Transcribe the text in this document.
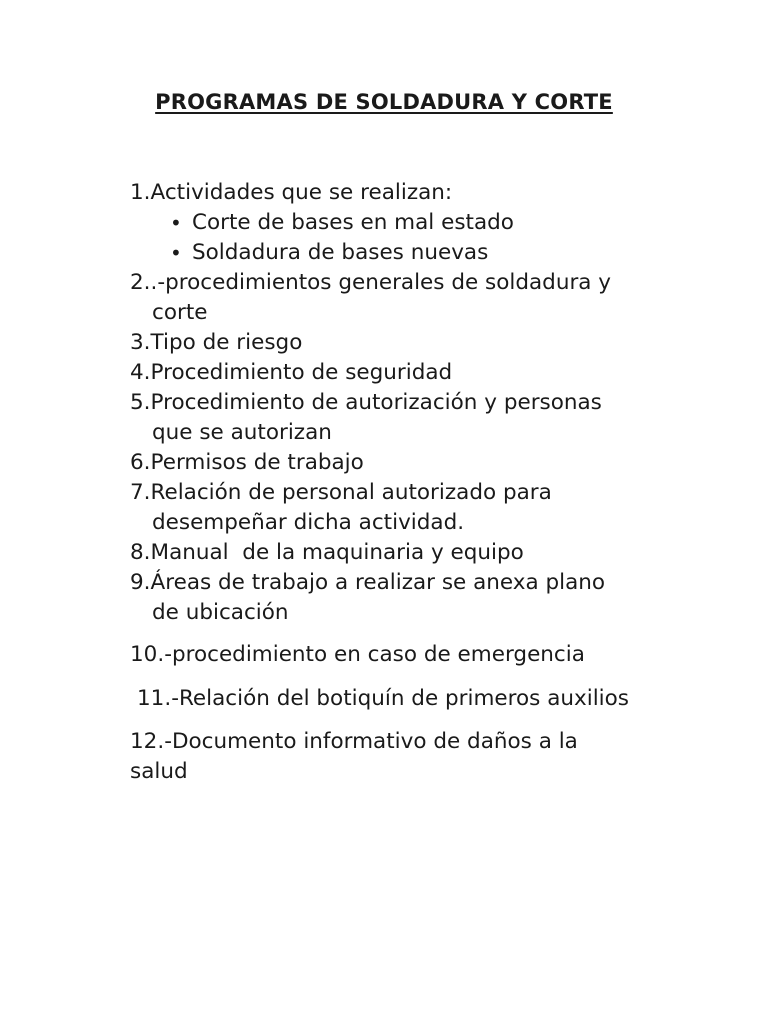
PROGRAMAS DE SOLDADURA Y CORTE

1.Actividades que se realizan:

• Corte de bases en mal estado
• Soldadura de bases nuevas

2..-procedimientos generales de soldadura y
corte

3.Tipo de riesgo

4.Procedimiento de seguridad

5.Procedimiento de autorización y personas
que se autorizan

6.Permisos de trabajo

7.Relación de personal autorizado para
desempeñar dicha actividad.

8.Manual  de la maquinaria y equipo

9.Áreas de trabajo a realizar se anexa plano
de ubicación

10.-procedimiento en caso de emergencia

11.-Relación del botiquín de primeros auxilios

12.-Documento informativo de daños a la
salud
